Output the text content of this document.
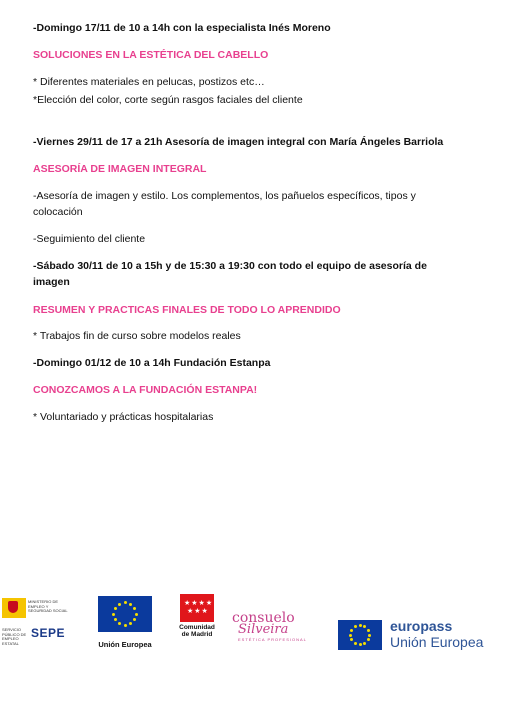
-Domingo 17/11 de 10 a 14h con la especialista Inés Moreno
SOLUCIONES EN LA ESTÉTICA DEL CABELLO
* Diferentes materiales en pelucas, postizos etc…
*Elección del color, corte según rasgos faciales del cliente
-Viernes 29/11 de 17 a 21h Asesoría de imagen integral con María Ángeles Barriola
ASESORÍA DE IMAGEN INTEGRAL
-Asesoría de imagen y estilo. Los complementos, los pañuelos específicos, tipos y colocación
-Seguimiento del cliente
-Sábado 30/11 de 10 a 15h y de 15:30 a 19:30 con todo el equipo de asesoría de imagen
RESUMEN Y PRACTICAS FINALES DE TODO LO APRENDIDO
* Trabajos fin de curso sobre modelos reales
-Domingo 01/12 de 10 a 14h Fundación Estanpa
CONOZCAMOS A LA FUNDACIÓN ESTANPA!
* Voluntariado y prácticas hospitalarias
MINISTERIO DE EMPLEO Y SEGURIDAD SOCIAL
SERVICIO PÚBLICO DE EMPLEO ESTATAL
SEPE
Unión Europea
★★★★
★★★
Comunidad
de Madrid
consuelo
Silveira
ESTÉTICA PROFESIONAL
europass
Unión Europea
